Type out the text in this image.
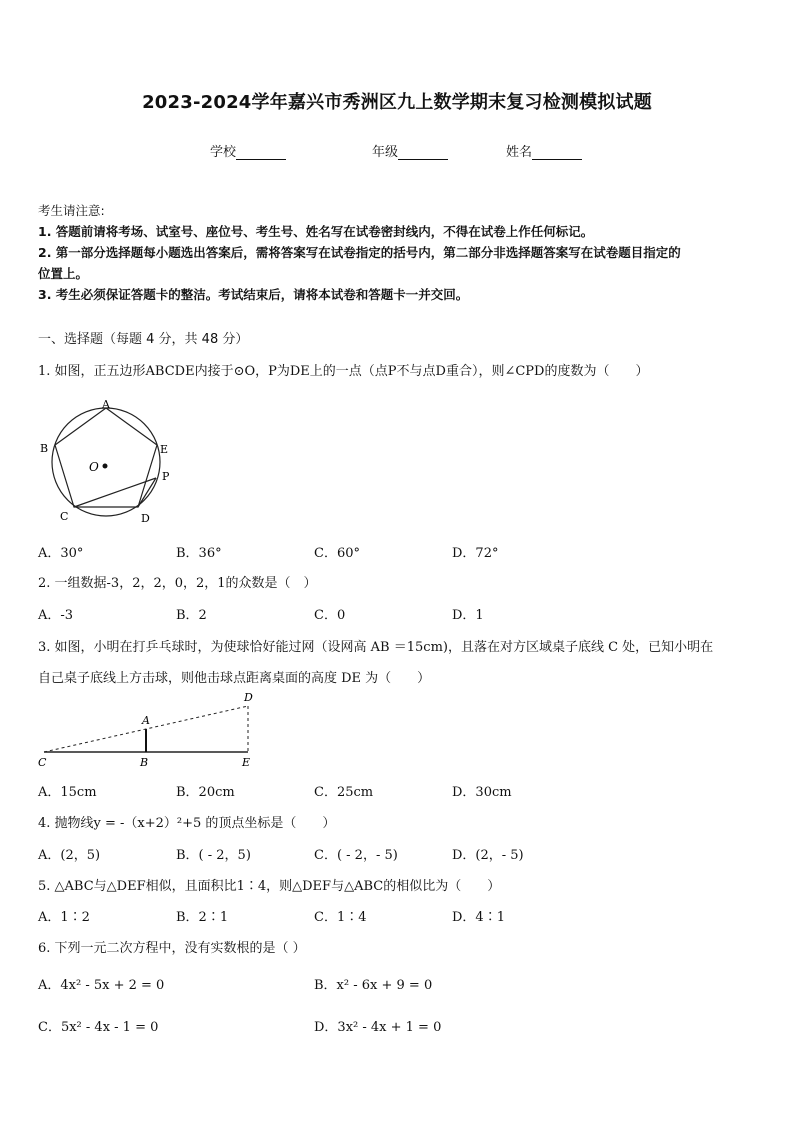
2023-2024学年嘉兴市秀洲区九上数学期末复习检测模拟试题
学校	年级	姓名
考生请注意:
1. 答题前请将考场、试室号、座位号、考生号、姓名写在试卷密封线内，不得在试卷上作任何标记。
2. 第一部分选择题每小题选出答案后，需将答案写在试卷指定的括号内，第二部分非选择题答案写在试卷题目指定的
位置上。
3. 考生必须保证答题卡的整洁。考试结束后，请将本试卷和答题卡一并交回。
一、选择题（每题 4 分，共 48 分）
1. 如图，正五边形ABCDE内接于⊙O，P为DE上的一点（点P不与点D重合），则∠CPD的度数为（　　）
A
B
C	D
E
O
P
A．30°	B．36°	C．60°	D．72°
2. 一组数据-3，2，2，0，2，1的众数是（　）
A．-3	B．2	C．0	D．1
3. 如图，小明在打乒乓球时，为使球恰好能过网（设网高 AB ＝15cm)，且落在对方区域桌子底线 C 处，已知小明在
自己桌子底线上方击球，则他击球点距离桌面的高度 DE 为（　　）
A
B
C
D
E
A．15cm	B．20cm	C．25cm	D．30cm
4. 抛物线y = -（x+2）²+5 的顶点坐标是（　　）
A．(2，5)	B．( - 2，5)	C．( - 2，- 5)	D．(2，- 5)
5. △ABC与△DEF相似，且面积比1∶4，则△DEF与△ABC的相似比为（　　）
A．1∶2	B．2∶1	C．1∶4	D．4∶1
6. 下列一元二次方程中，没有实数根的是（ ）
A．4x² - 5x + 2 = 0	B．x² - 6x + 9 = 0
C．5x² - 4x - 1 = 0	D．3x² - 4x + 1 = 0
